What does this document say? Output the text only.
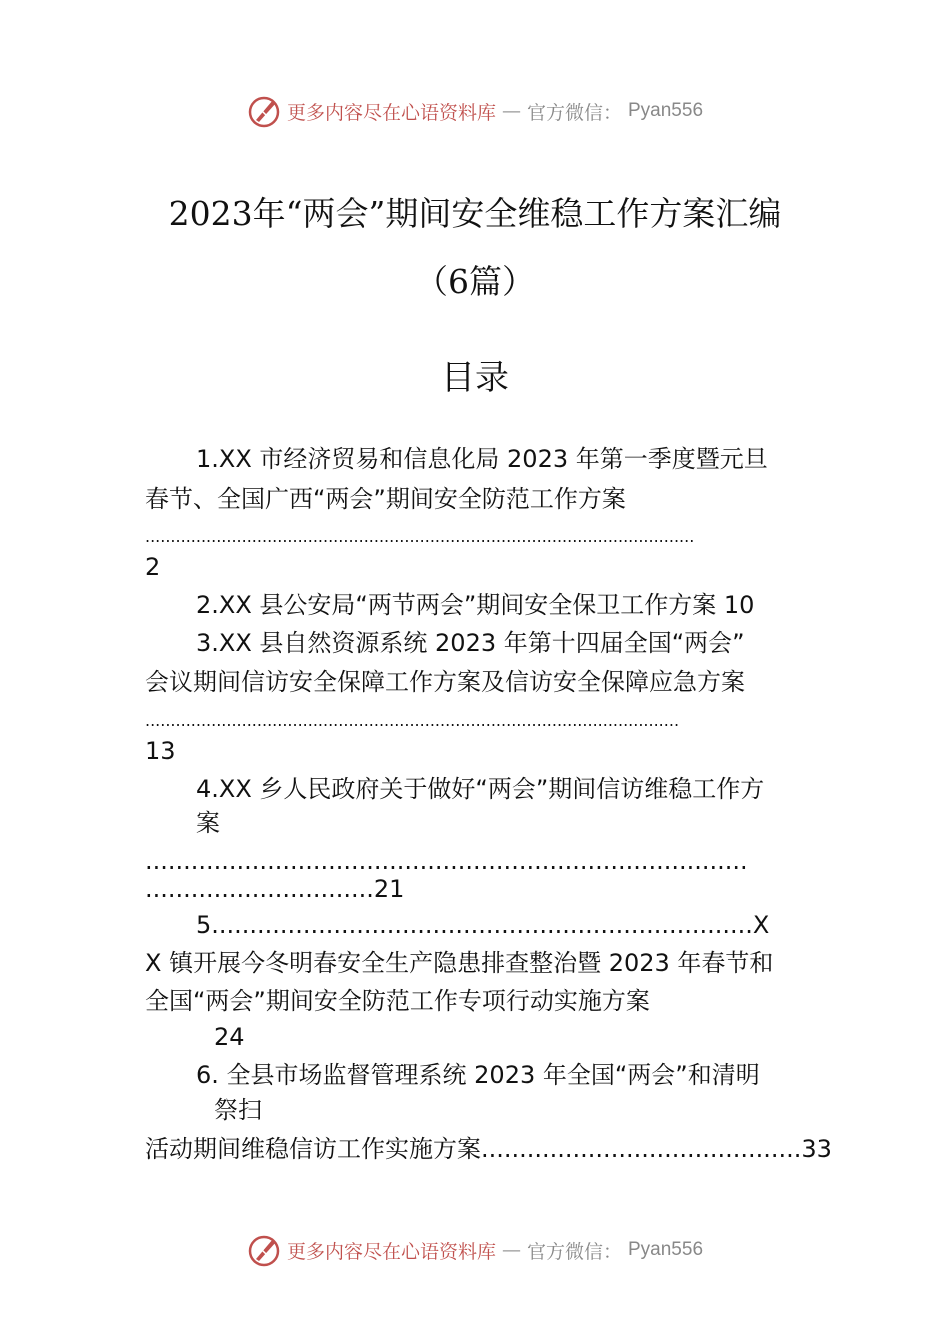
更多内容尽在心语资料库 — 官方微信： Pyan556
2023年“两会”期间安全维稳工作方案汇编
（6篇）
目录
1.XX 市经济贸易和信息化局 2023 年第一季度暨元旦
春节、全国广西“两会”期间安全防范工作方案
............................................................................................................
2
2.XX 县公安局“两节两会”期间安全保卫工作方案 10
3.XX 县自然资源系统 2023 年第十四届全国“两会”
会议期间信访安全保障工作方案及信访安全保障应急方案
.........................................................................................................
13
4.XX 乡人民政府关于做好“两会”期间信访维稳工作方
案
...............................................................................
..............................21
5.......................................................................X
X 镇开展今冬明春安全生产隐患排查整治暨 2023 年春节和
全国“两会”期间安全防范工作专项行动实施方案
24
6. 全县市场监督管理系统 2023 年全国“两会”和清明
祭扫
活动期间维稳信访工作实施方案..........................................33
更多内容尽在心语资料库 — 官方微信： Pyan556
